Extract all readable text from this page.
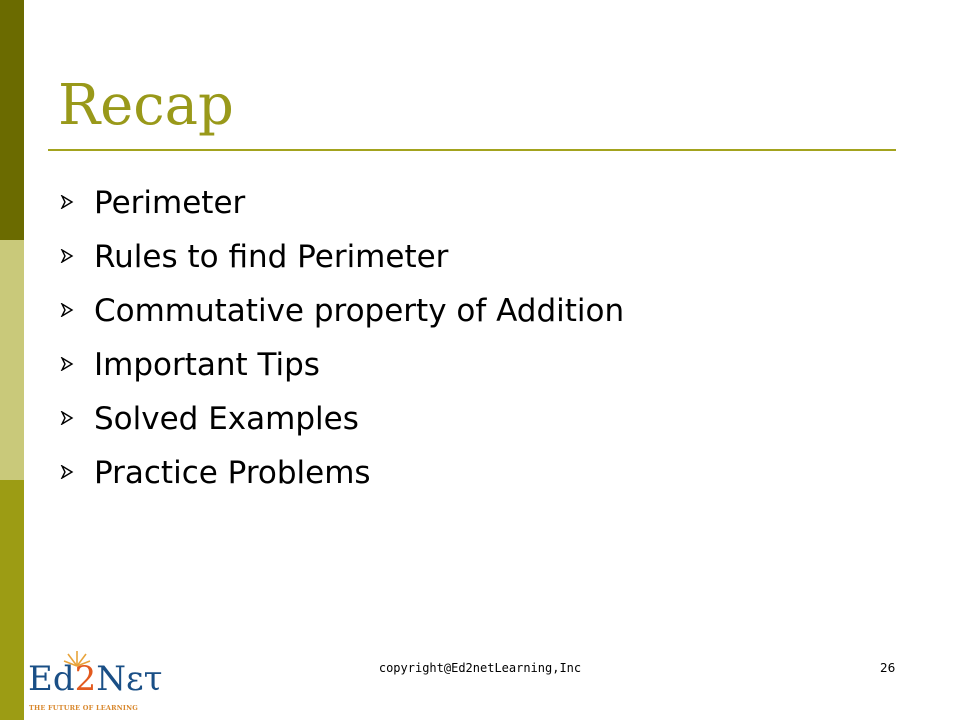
Recap
Perimeter
Rules to find Perimeter
Commutative property of Addition
Important Tips
Solved Examples
Practice Problems
Ed2Nετ
THE FUTURE OF LEARNING
copyright@Ed2netLearning,Inc	26
